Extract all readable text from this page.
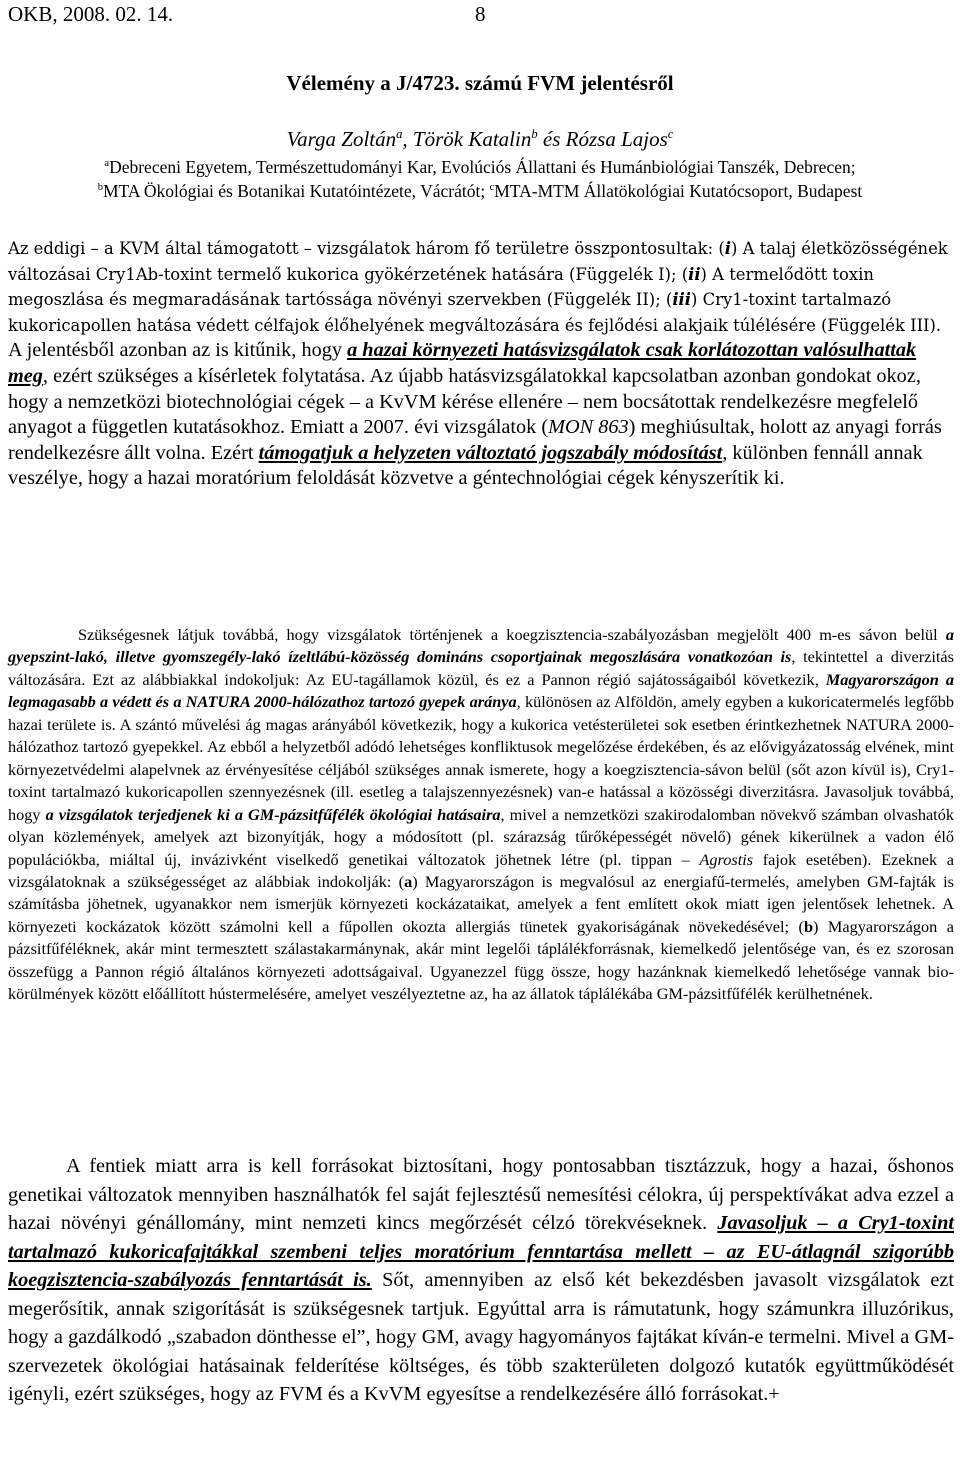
OKB, 2008. 02. 14.	8
Vélemény a J/4723. számú FVM jelentésről
Varga Zoltán$^a$, Török Katalin$^b$ és Rózsa Lajos$^c$
$^a$Debreceni Egyetem, Természettudományi Kar, Evolúciós Állattani és Humánbiológiai Tanszék, Debrecen;
$^b$MTA Ökológiai és Botanikai Kutatóintézete, Vácrátót; $^c$MTA-MTM Állatökológiai Kutatócsoport, Budapest

Az eddigi – a KVM által támogatott – vizsgálatok három fő területre összpontosultak: (i) A talaj életközösségének változásai Cry1Ab-toxint termelő kukorica gyökérzetének hatására (Függelék I); (ii) A termelődött toxin megoszlása és megmaradásának tartóssága növényi szervekben (Függelék II); (iii) Cry1-toxint tartalmazó kukoricapollen hatása védett célfajok élőhelyének megváltozására és fejlődési alakjaik túlélésére (Függelék III). A jelentésből azonban az is kitűnik, hogy a hazai környezeti hatásvizsgálatok csak korlátozottan valósulhattak meg, ezért szükséges a kísérletek folytatása. Az újabb hatásvizsgálatokkal kapcsolatban azonban gondokat okoz, hogy a nemzetközi biotechnológiai cégek – a KvVM kérése ellenére – nem bocsátottak rendelkezésre megfelelő anyagot a független kutatásokhoz. Emiatt a 2007. évi vizsgálatok (MON 863) meghiúsultak, holott az anyagi forrás rendelkezésre állt volna. Ezért támogatjuk a helyzeten változtató jogszabály módosítást, különben fennáll annak veszélye, hogy a hazai moratórium feloldását közvetve a géntechnológiai cégek kényszerítik ki.

Szükségesnek látjuk továbbá, hogy vizsgálatok történjenek a koegzisztencia-szabályozásban megjelölt 400 m-es sávon belül a gyepszint-lakó, illetve gyomszegély-lakó ízeltlábú-közösség domináns csoportjainak megoszlására vonatkozóan is, tekintettel a diverzitás változására. Ezt az alábbiakkal indokoljuk: Az EU-tagállamok közül, és ez a Pannon régió sajátosságaiból következik, Magyarországon a legmagasabb a védett és a NATURA 2000-hálózathoz tartozó gyepek aránya, különösen az Alföldön, amely egyben a kukoricatermelés legfőbb hazai területe is. A szántó művelési ág magas arányából következik, hogy a kukorica vetésterületei sok esetben érintkezhetnek NATURA 2000-hálózathoz tartozó gyepekkel. Az ebből a helyzetből adódó lehetséges konfliktusok megelőzése érdekében, és az elővigyázatosság elvének, mint környezetvédelmi alapelvnek az érvényesítése céljából szükséges annak ismerete, hogy a koegzisztencia-sávon belül (sőt azon kívül is), Cry1-toxint tartalmazó kukoricapollen szennyezésnek (ill. esetleg a talajszennyezésnek) van-e hatással a közösségi diverzitásra. Javasoljuk továbbá, hogy a vizsgálatok terjedjenek ki a GM-pázsitfűfélék ökológiai hatásaira, mivel a nemzetközi szakirodalomban növekvő számban olvashatók olyan közlemények, amelyek azt bizonyítják, hogy a módosított (pl. szárazság tűrőképességét növelő) gének kikerülnek a vadon élő populációkba, miáltal új, invázivként viselkedő genetikai változatok jöhetnek létre (pl. tippan – Agrostis fajok esetében). Ezeknek a vizsgálatoknak a szükségességet az alábbiak indokolják: (a) Magyarországon is megvalósul az energiafű-termelés, amelyben GM-fajták is számításba jöhetnek, ugyanakkor nem ismerjük környezeti kockázataikat, amelyek a fent említett okok miatt igen jelentősek lehetnek. A környezeti kockázatok között számolni kell a fűpollen okozta allergiás tünetek gyakoriságának növekedésével; (b) Magyarországon a pázsitfűféléknek, akár mint termesztett szálastakarmánynak, akár mint legelői táplálékforrásnak, kiemelkedő jelentősége van, és ez szorosan összefügg a Pannon régió általános környezeti adottságaival. Ugyanezzel függ össze, hogy hazánknak kiemelkedő lehetősége vannak bio-körülmények között előállított hústermelésére, amelyet veszélyeztetne az, ha az állatok táplálékába GM-pázsitfűfélék kerülhetnének.

A fentiek miatt arra is kell forrásokat biztosítani, hogy pontosabban tisztázzuk, hogy a hazai, őshonos genetikai változatok mennyiben használhatók fel saját fejlesztésű nemesítési célokra, új perspektívákat adva ezzel a hazai növényi génállomány, mint nemzeti kincs megőrzését célzó törekvéseknek. Javasoljuk – a Cry1-toxint tartalmazó kukoricafajtákkal szembeni teljes moratórium fenntartása mellett – az EU-átlagnál szigorúbb koegzisztencia-szabályozás fenntartását is. Sőt, amennyiben az első két bekezdésben javasolt vizsgálatok ezt megerősítik, annak szigorítását is szükségesnek tartjuk. Egyúttal arra is rámutatunk, hogy számunkra illuzórikus, hogy a gazdálkodó „szabadon dönthesse el”, hogy GM, avagy hagyományos fajtákat kíván-e termelni. Mivel a GM-szervezetek ökológiai hatásainak felderítése költséges, és több szakterületen dolgozó kutatók együttműködését igényli, ezért szükséges, hogy az FVM és a KvVM egyesítse a rendelkezésére álló forrásokat.+
